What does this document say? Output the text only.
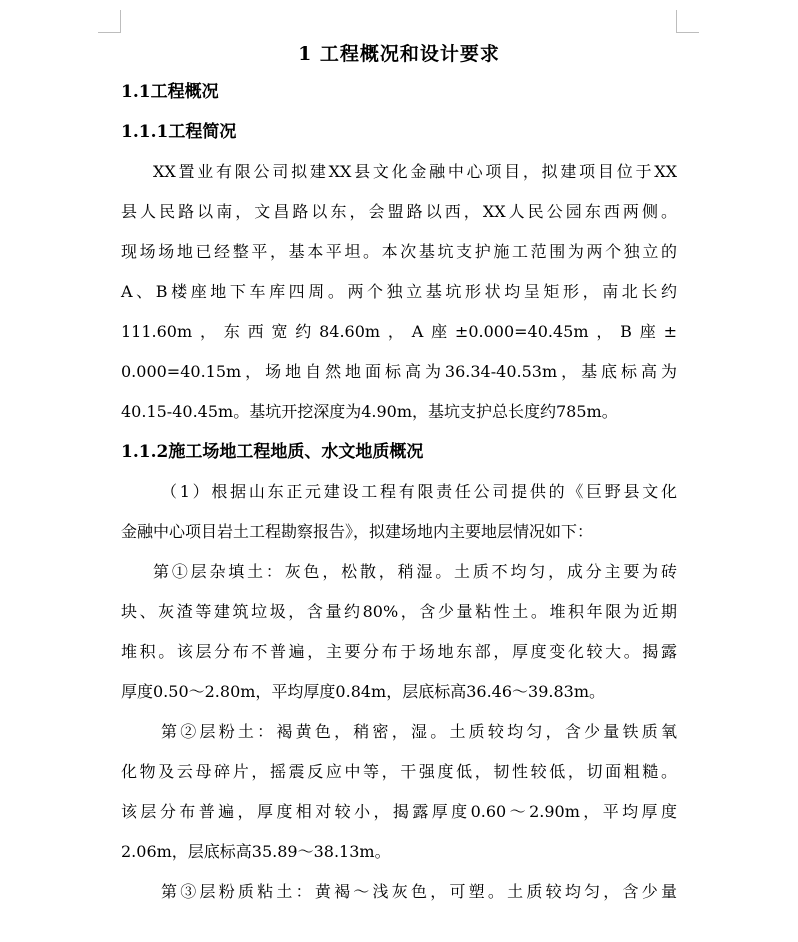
1 工程概况和设计要求
1.1工程概况
1.1.1工程简况

XX置业有限公司拟建XX县文化金融中心项目，拟建项目位于XX
县人民路以南，文昌路以东，会盟路以西，XX人民公园东西两侧。
现场场地已经整平，基本平坦。本次基坑支护施工范围为两个独立的
A、B楼座地下车库四周。两个独立基坑形状均呈矩形，南北长约
111.60m，东西宽约84.60m，A座±0.000=40.45m，B座±
0.000=40.15m，场地自然地面标高为36.34-40.53m，基底标高为
40.15-40.45m。基坑开挖深度为4.90m，基坑支护总长度约785m。

1.1.2施工场地工程地质、水文地质概况

（1）根据山东正元建设工程有限责任公司提供的《巨野县文化
金融中心项目岩土工程勘察报告》，拟建场地内主要地层情况如下：

第①层杂填土：灰色，松散，稍湿。土质不均匀，成分主要为砖
块、灰渣等建筑垃圾，含量约80%，含少量粘性土。堆积年限为近期
堆积。该层分布不普遍，主要分布于场地东部，厚度变化较大。揭露
厚度0.50～2.80m，平均厚度0.84m，层底标高36.46～39.83m。

第②层粉土：褐黄色，稍密，湿。土质较均匀，含少量铁质氧
化物及云母碎片，摇震反应中等，干强度低，韧性较低，切面粗糙。
该层分布普遍，厚度相对较小，揭露厚度0.60～2.90m，平均厚度
2.06m，层底标高35.89～38.13m。

第③层粉质粘土：黄褐～浅灰色，可塑。土质较均匀，含少量
